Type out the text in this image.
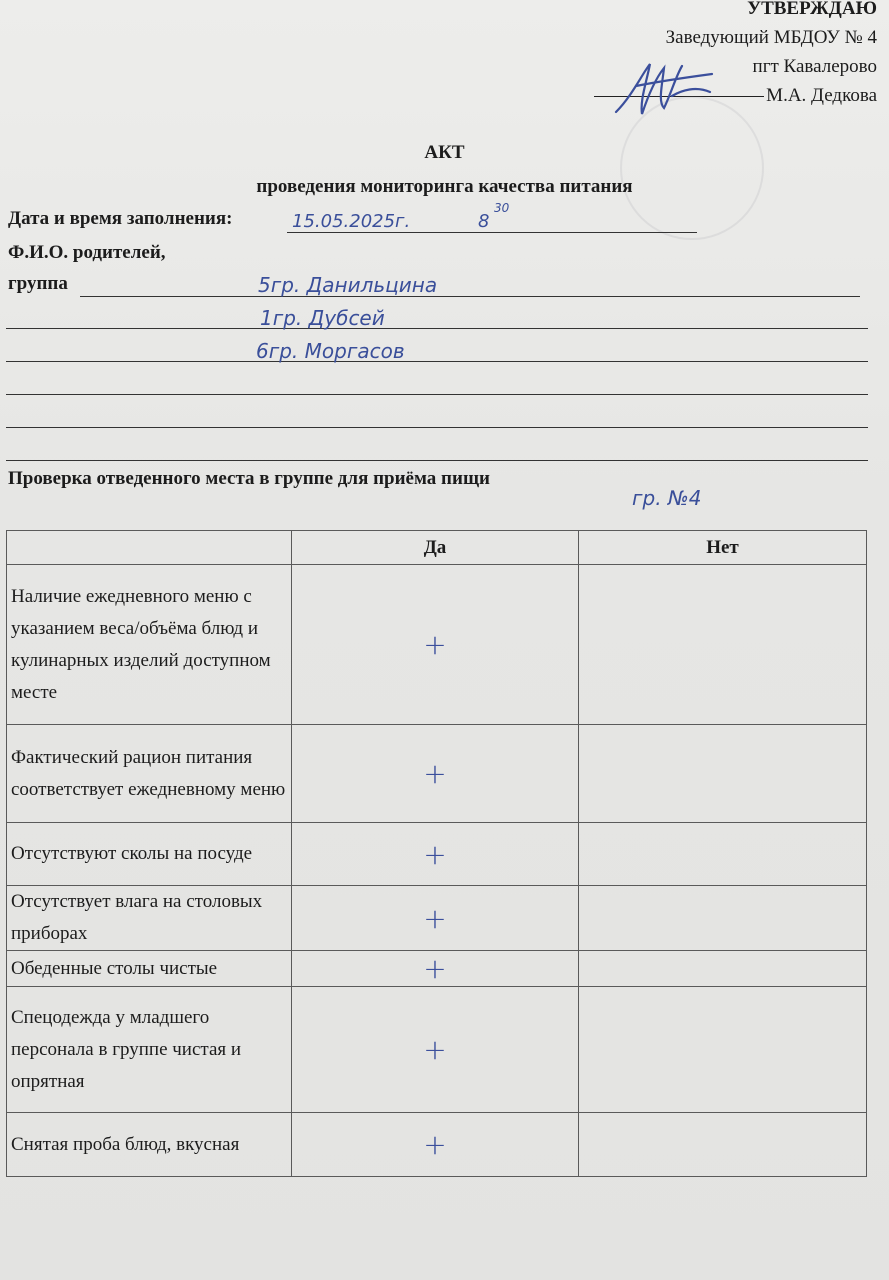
УТВЕРЖДАЮ
Заведующий МБДОУ № 4
пгт Кавалерово
М.А. Дедкова
АКТ
проведения мониторинга качества питания
Дата и время заполнения:	15.05.2025г.	8
30
Ф.И.О. родителей,
группа	5гр. Данильцина
1гр. Дубсей
6гр. Моргасов
Проверка отведенного места в группе для приёма пищи
гр. №4
	Да	Нет
Наличие ежедневного меню с указанием веса/объёма блюд и кулинарных изделий доступном месте	+	
Фактический рацион питания соответствует ежедневному меню	+	
Отсутствуют сколы на посуде	+	
Отсутствует влага на столовых приборах	+	
Обеденные столы чистые	+	
Спецодежда у младшего персонала в группе чистая и опрятная	+	
Снятая проба блюд, вкусная	+	
